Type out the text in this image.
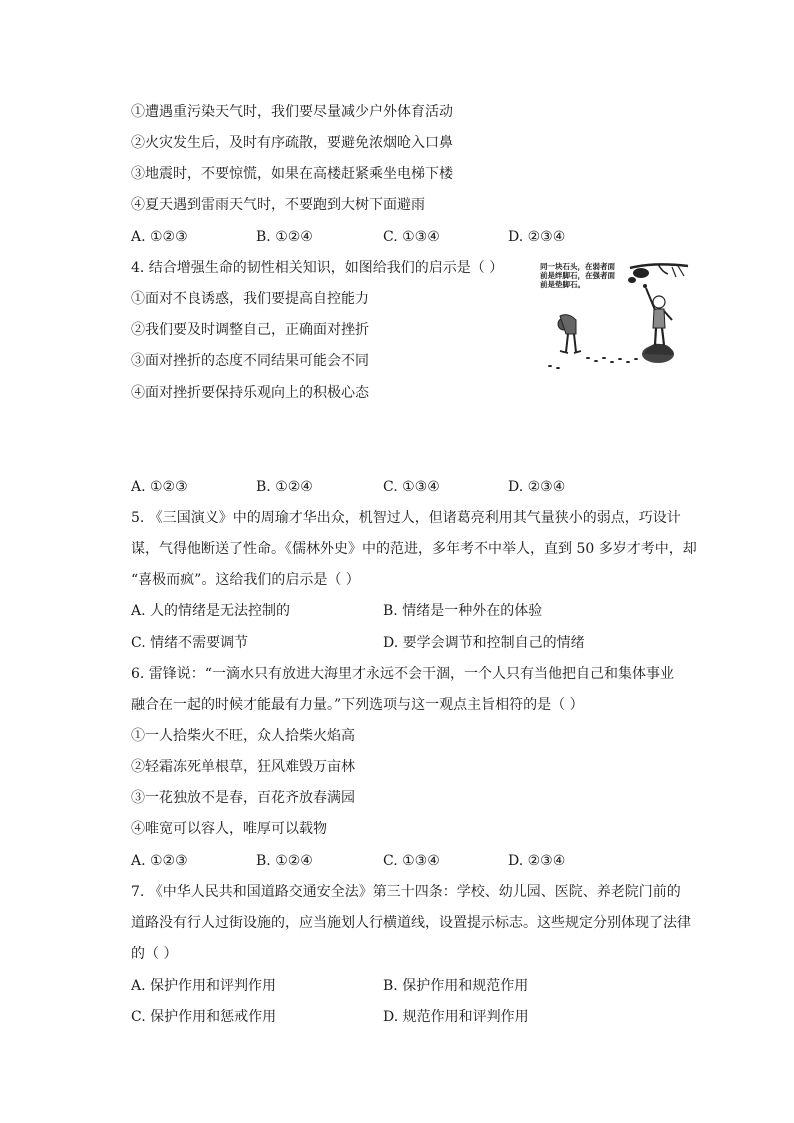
①遭遇重污染天气时，我们要尽量减少户外体育活动
②火灾发生后，及时有序疏散，要避免浓烟呛入口鼻
③地震时，不要惊慌，如果在高楼赶紧乘坐电梯下楼
④夏天遇到雷雨天气时，不要跑到大树下面避雨
A. ①②③	B. ①②④	C. ①③④	D. ②③④
4. 结合增强生命的韧性相关知识，如图给我们的启示是（ ）
①面对不良诱惑，我们要提高自控能力
②我们要及时调整自己，正确面对挫折
③面对挫折的态度不同结果可能会不同
④面对挫折要保持乐观向上的积极心态
同一块石头，在弱者面前是绊脚石，在强者面前是垫脚石。
A. ①②③	B. ①②④	C. ①③④	D. ②③④
5. 《三国演义》中的周瑜才华出众，机智过人，但诸葛亮利用其气量狭小的弱点，巧设计
谋，气得他断送了性命。《儒林外史》中的范进，多年考不中举人，直到 50 多岁才考中，却
“喜极而疯”。这给我们的启示是（ ）
A. 人的情绪是无法控制的	B. 情绪是一种外在的体验
C. 情绪不需要调节	D. 要学会调节和控制自己的情绪
6. 雷锋说：“一滴水只有放进大海里才永远不会干涸，一个人只有当他把自己和集体事业
融合在一起的时候才能最有力量。”下列选项与这一观点主旨相符的是（ ）
①一人拾柴火不旺，众人拾柴火焰高
②轻霜冻死单根草，狂风难毁万亩林
③一花独放不是春，百花齐放春满园
④唯宽可以容人，唯厚可以载物
A. ①②③	B. ①②④	C. ①③④	D. ②③④
7. 《中华人民共和国道路交通安全法》第三十四条：学校、幼儿园、医院、养老院门前的
道路没有行人过街设施的，应当施划人行横道线，设置提示标志。这些规定分别体现了法律
的（ ）
A. 保护作用和评判作用	B. 保护作用和规范作用
C. 保护作用和惩戒作用	D. 规范作用和评判作用
